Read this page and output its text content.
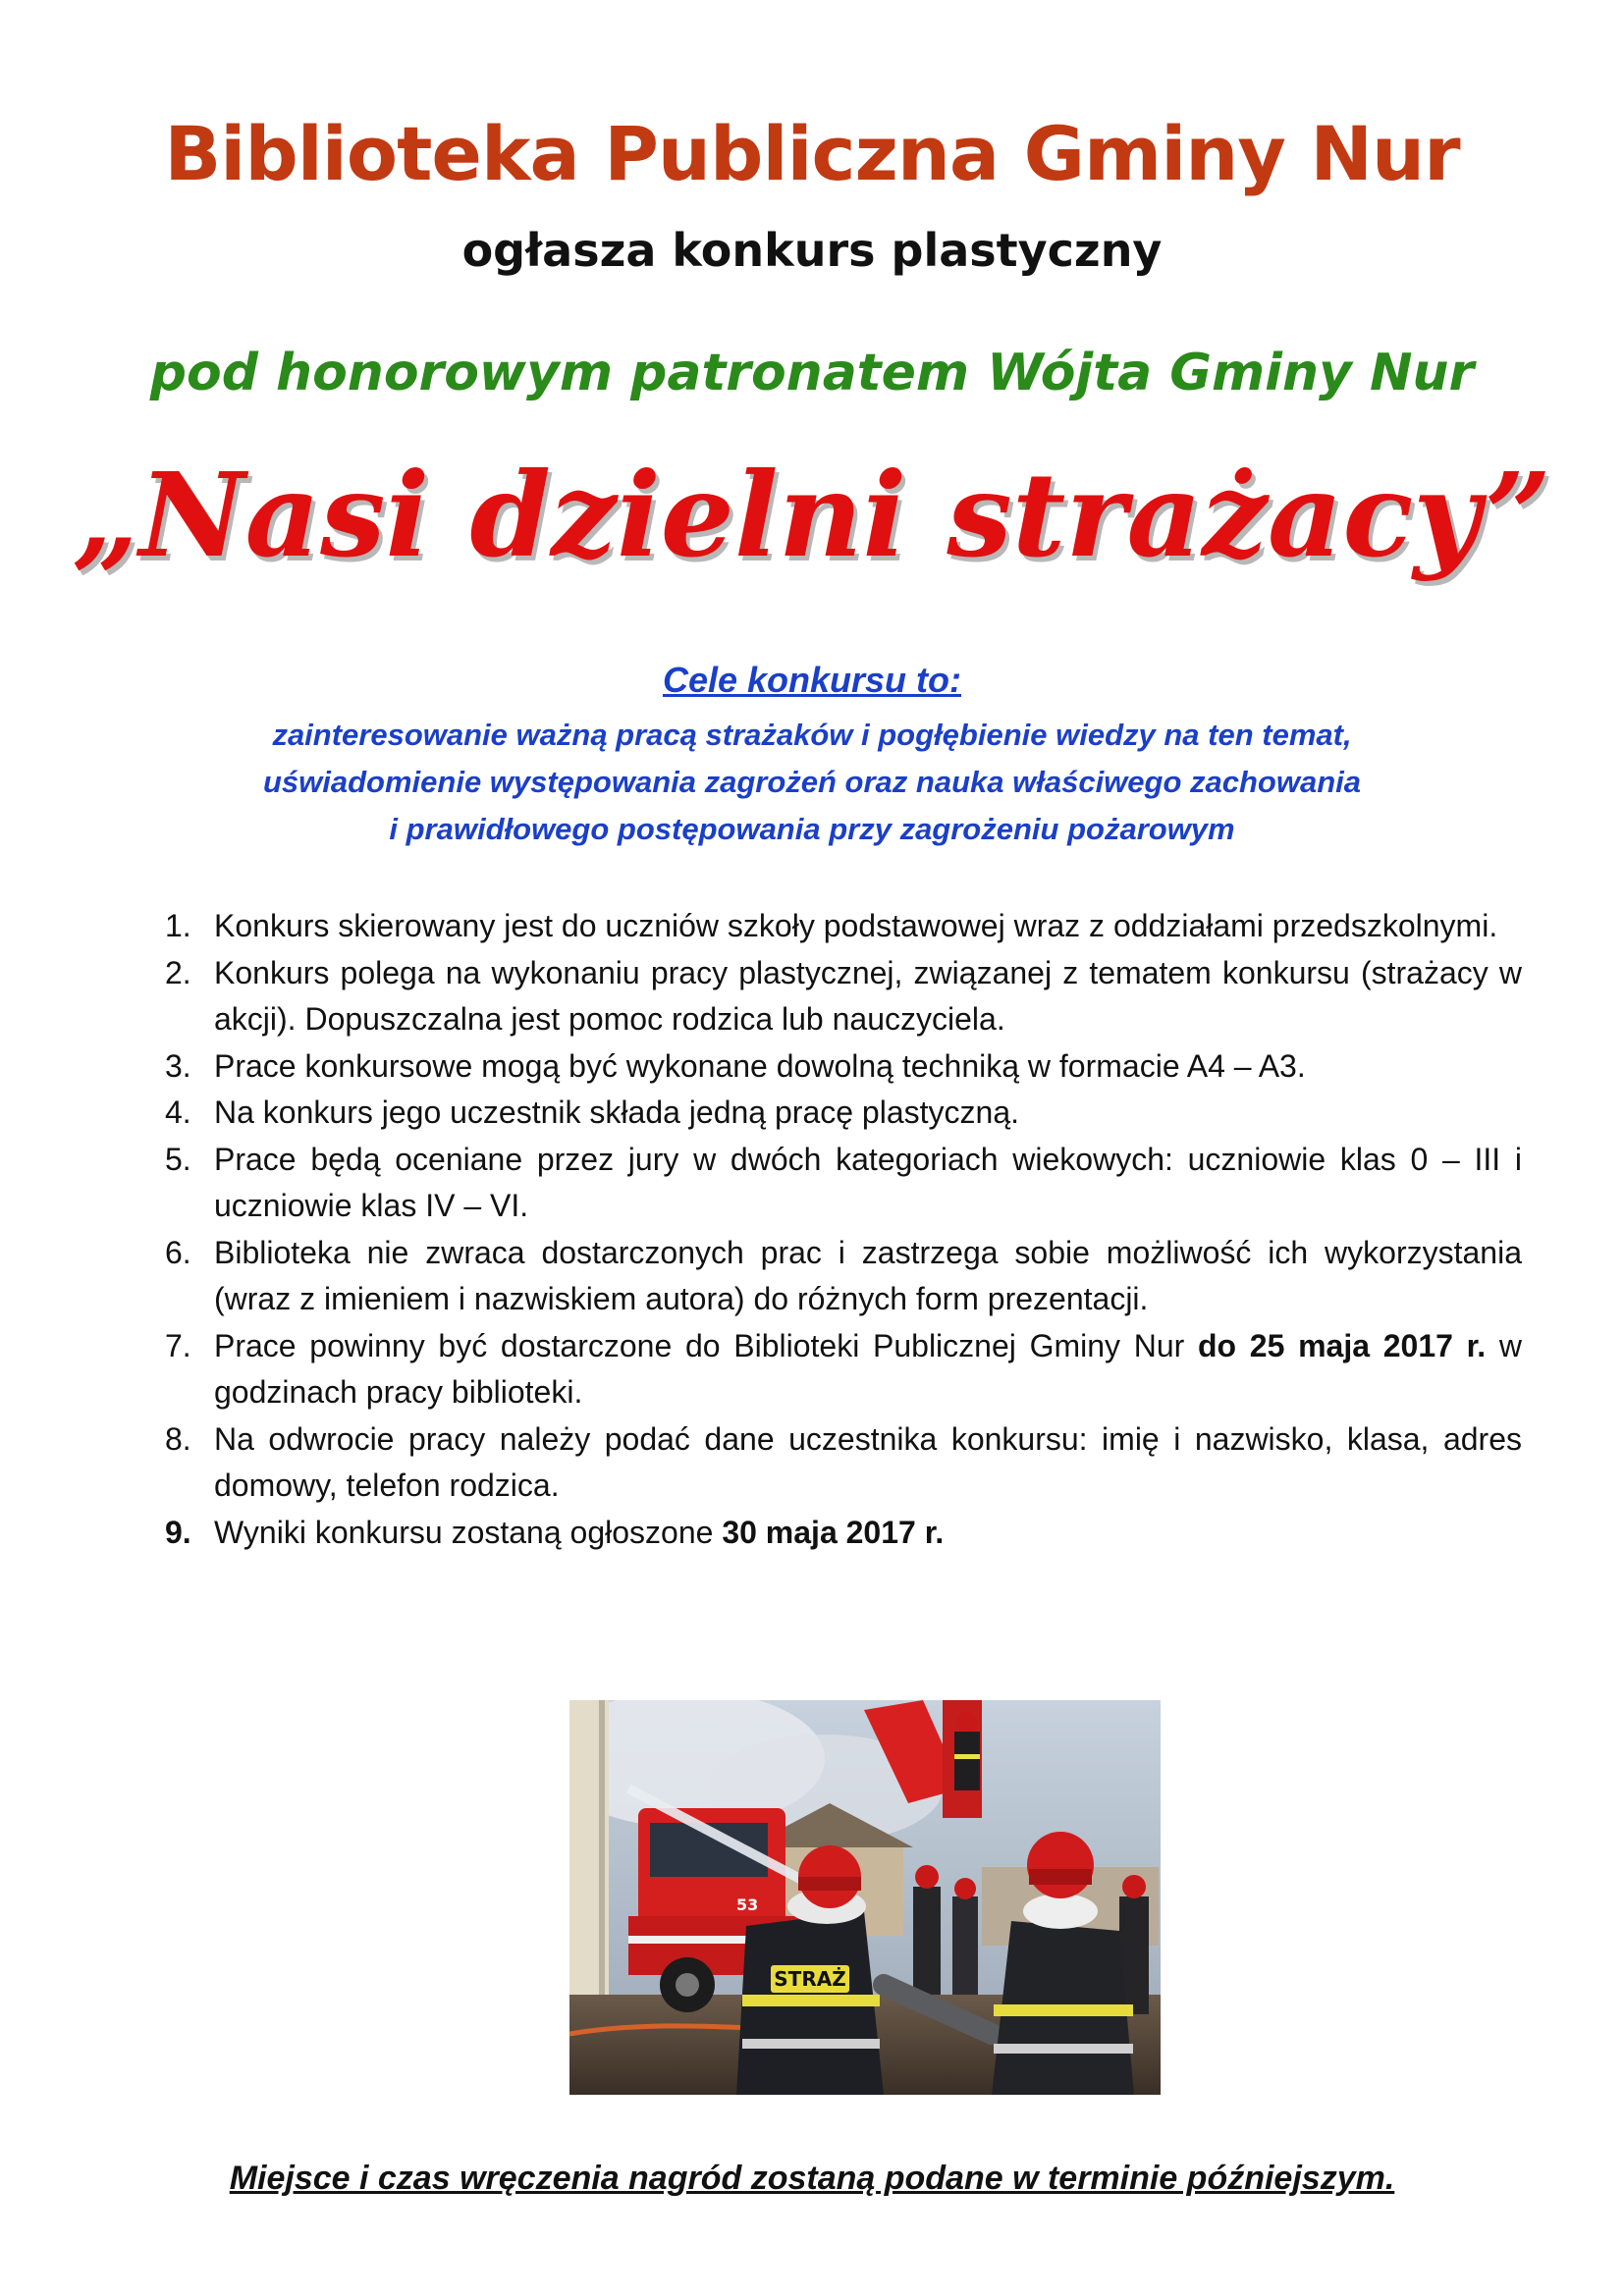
Biblioteka Publiczna Gminy Nur
ogłasza konkurs plastyczny
pod honorowym patronatem Wójta Gminy Nur
„Nasi dzielni strażacy”
Cele konkursu to:
zainteresowanie ważną pracą strażaków i pogłębienie wiedzy na ten temat,
uświadomienie występowania zagrożeń oraz nauka właściwego zachowania
i prawidłowego postępowania przy zagrożeniu pożarowym
1. Konkurs skierowany jest do uczniów szkoły podstawowej wraz z oddziałami przedszkolnymi.
2. Konkurs polega na wykonaniu pracy plastycznej, związanej z tematem konkursu (strażacy w akcji). Dopuszczalna jest pomoc rodzica lub nauczyciela.
3. Prace konkursowe mogą być wykonane dowolną techniką w formacie A4 – A3.
4. Na konkurs jego uczestnik składa jedną pracę plastyczną.
5. Prace będą oceniane przez jury w dwóch kategoriach wiekowych: uczniowie klas 0 – III i uczniowie klas IV – VI.
6. Biblioteka nie zwraca dostarczonych prac i zastrzega sobie możliwość ich wykorzystania (wraz z imieniem i nazwiskiem autora) do różnych form prezentacji.
7. Prace powinny być dostarczone do Biblioteki Publicznej Gminy Nur do 25 maja 2017 r. w godzinach pracy biblioteki.
8. Na odwrocie pracy należy podać dane uczestnika konkursu: imię i nazwisko, klasa, adres domowy, telefon rodzica.
9. Wyniki konkursu zostaną ogłoszone 30 maja 2017 r.
53
STRAŻ
Miejsce i czas wręczenia nagród zostaną podane w terminie późniejszym.
